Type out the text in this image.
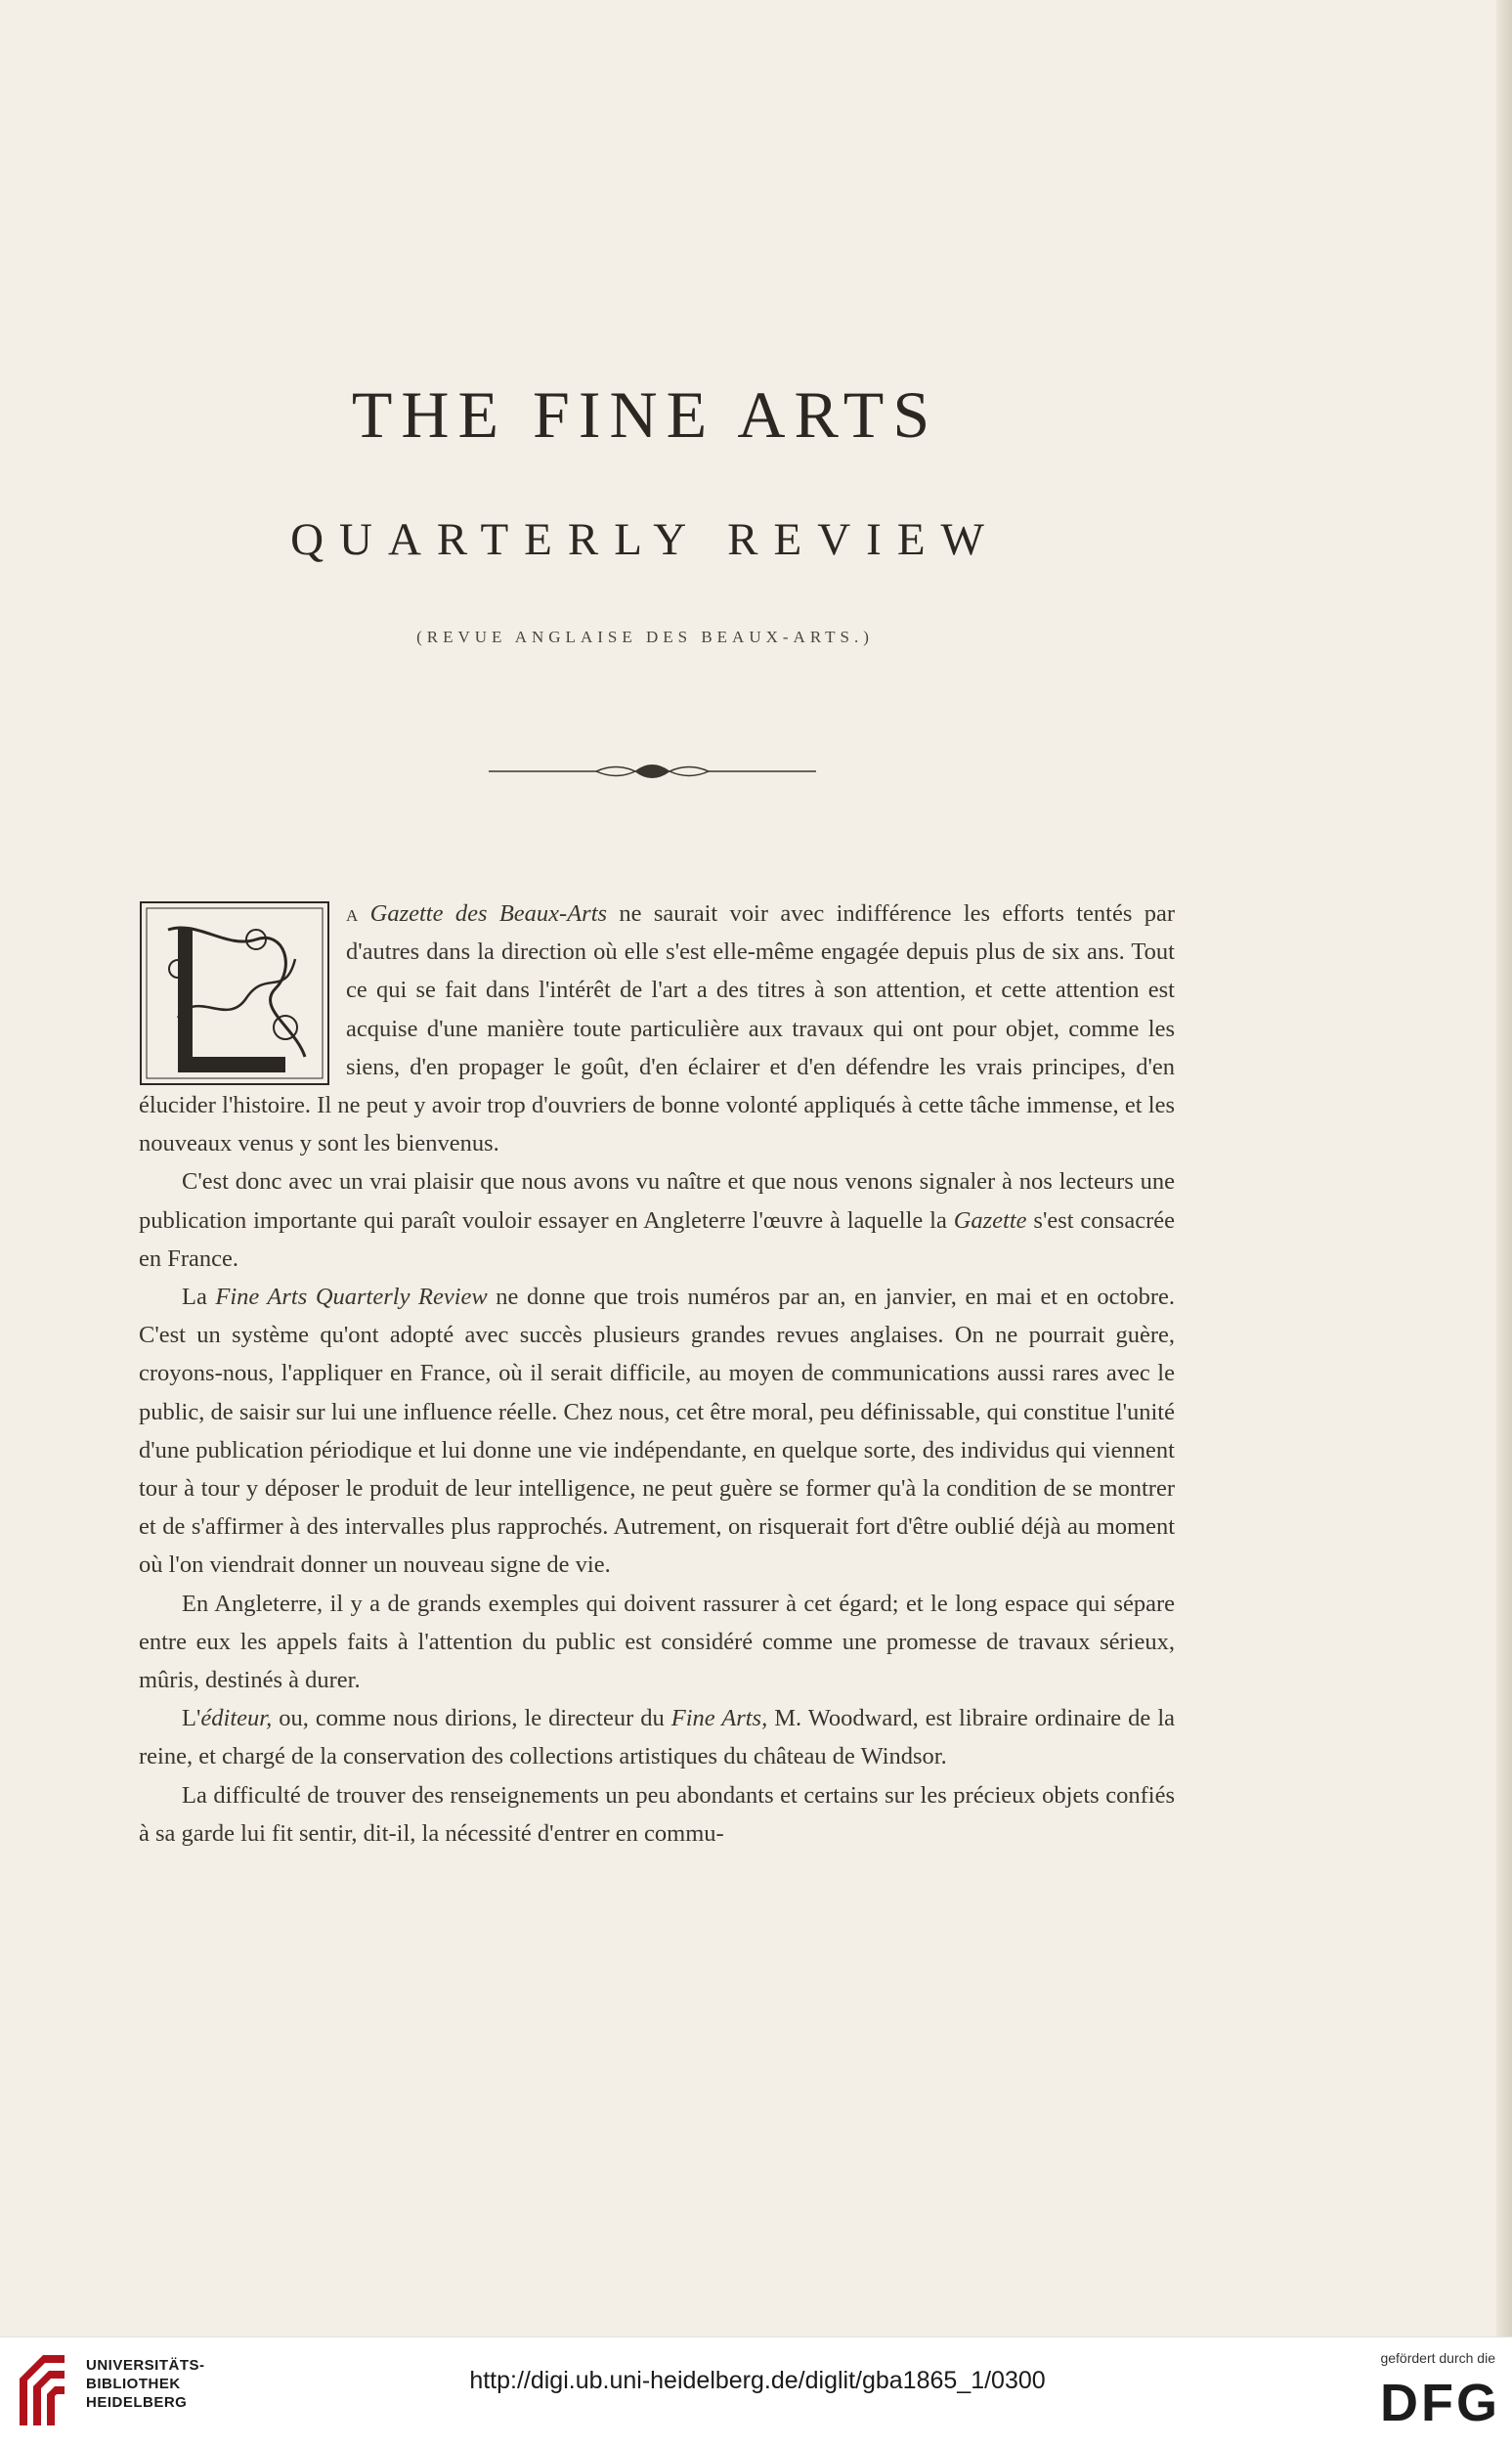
THE FINE ARTS
QUARTERLY REVIEW
(REVUE ANGLAISE DES BEAUX-ARTS.)
L	a Gazette des Beaux-Arts ne saurait voir avec indifférence les efforts tentés par d'autres dans la direction où elle s'est elle-même engagée depuis plus de six ans. Tout ce qui se fait dans l'intérêt de l'art a des titres à son attention, et cette attention est acquise d'une manière toute particulière aux travaux qui ont pour objet, comme les siens, d'en propager le goût, d'en éclairer et d'en défendre les vrais principes, d'en élucider l'histoire. Il ne peut y avoir trop d'ouvriers de bonne volonté appliqués à cette tâche immense, et les nouveaux venus y sont les bienvenus.

C'est donc avec un vrai plaisir que nous avons vu naître et que nous venons signaler à nos lecteurs une publication importante qui paraît vouloir essayer en Angleterre l'œuvre à laquelle la Gazette s'est consacrée en France.

La Fine Arts Quarterly Review ne donne que trois numéros par an, en janvier, en mai et en octobre. C'est un système qu'ont adopté avec succès plusieurs grandes revues anglaises. On ne pourrait guère, croyons-nous, l'appliquer en France, où il serait difficile, au moyen de communications aussi rares avec le public, de saisir sur lui une influence réelle. Chez nous, cet être moral, peu définissable, qui constitue l'unité d'une publication périodique et lui donne une vie indépendante, en quelque sorte, des individus qui viennent tour à tour y déposer le produit de leur intelligence, ne peut guère se former qu'à la condition de se montrer et de s'affirmer à des intervalles plus rapprochés. Autrement, on risquerait fort d'être oublié déjà au moment où l'on viendrait donner un nouveau signe de vie.

En Angleterre, il y a de grands exemples qui doivent rassurer à cet égard; et le long espace qui sépare entre eux les appels faits à l'attention du public est considéré comme une promesse de travaux sérieux, mûris, destinés à durer.

L'éditeur, ou, comme nous dirions, le directeur du Fine Arts, M. Woodward, est libraire ordinaire de la reine, et chargé de la conservation des collections artistiques du château de Windsor.

La difficulté de trouver des renseignements un peu abondants et certains sur les précieux objets confiés à sa garde lui fit sentir, dit-il, la nécessité d'entrer en commu-

UNIVERSITÄTS-
BIBLIOTHEK
HEIDELBERG
http://digi.ub.uni-heidelberg.de/diglit/gba1865_1/0300
gefördert durch die
DFG
